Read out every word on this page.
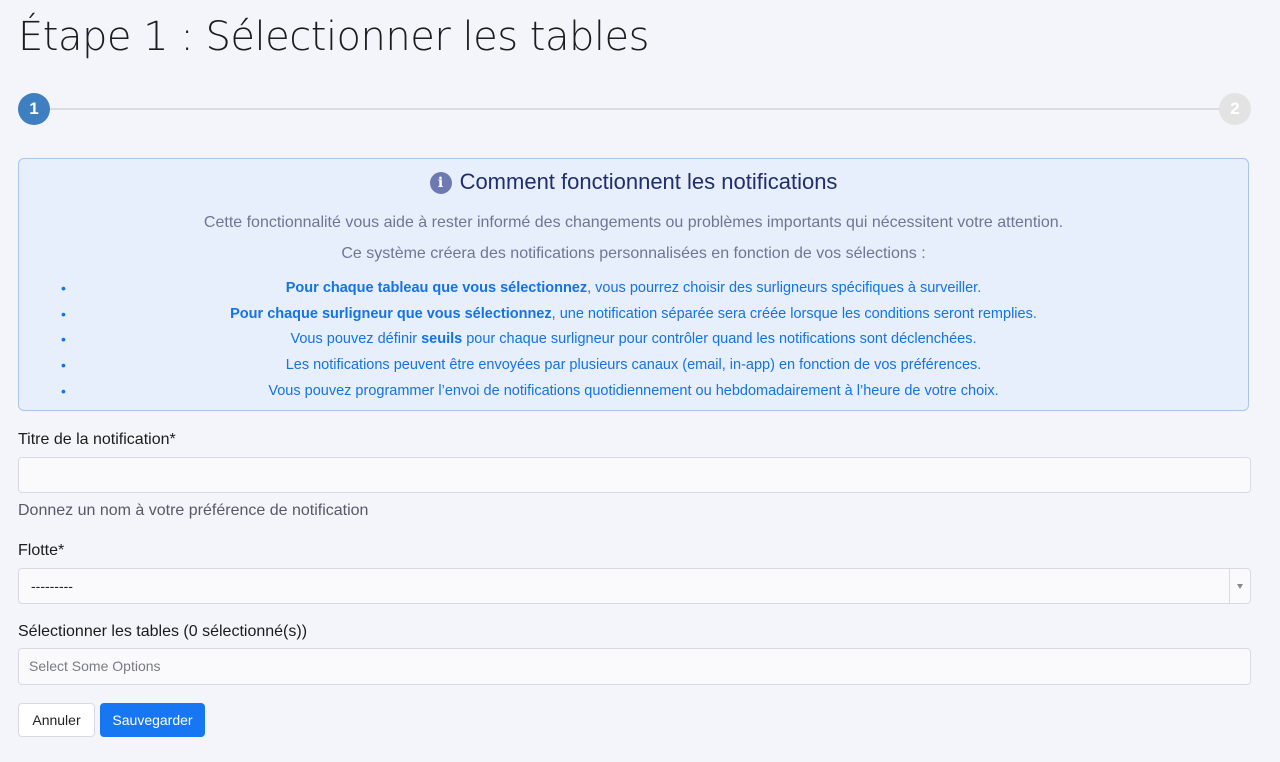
Étape 1 : Sélectionner les tables
1	2
i Comment fonctionnent les notifications
Cette fonctionnalité vous aide à rester informé des changements ou problèmes importants qui nécessitent votre attention.
Ce système créera des notifications personnalisées en fonction de vos sélections :
•	Pour chaque tableau que vous sélectionnez, vous pourrez choisir des surligneurs spécifiques à surveiller.
•	Pour chaque surligneur que vous sélectionnez, une notification séparée sera créée lorsque les conditions seront remplies.
•	Vous pouvez définir seuils pour chaque surligneur pour contrôler quand les notifications sont déclenchées.
•	Les notifications peuvent être envoyées par plusieurs canaux (email, in-app) en fonction de vos préférences.
•	Vous pouvez programmer l’envoi de notifications quotidiennement ou hebdomadairement à l’heure de votre choix.
Titre de la notification*
Donnez un nom à votre préférence de notification
Flotte*
---------
Sélectionner les tables (0 sélectionné(s))
Select Some Options
Annuler	Sauvegarder
